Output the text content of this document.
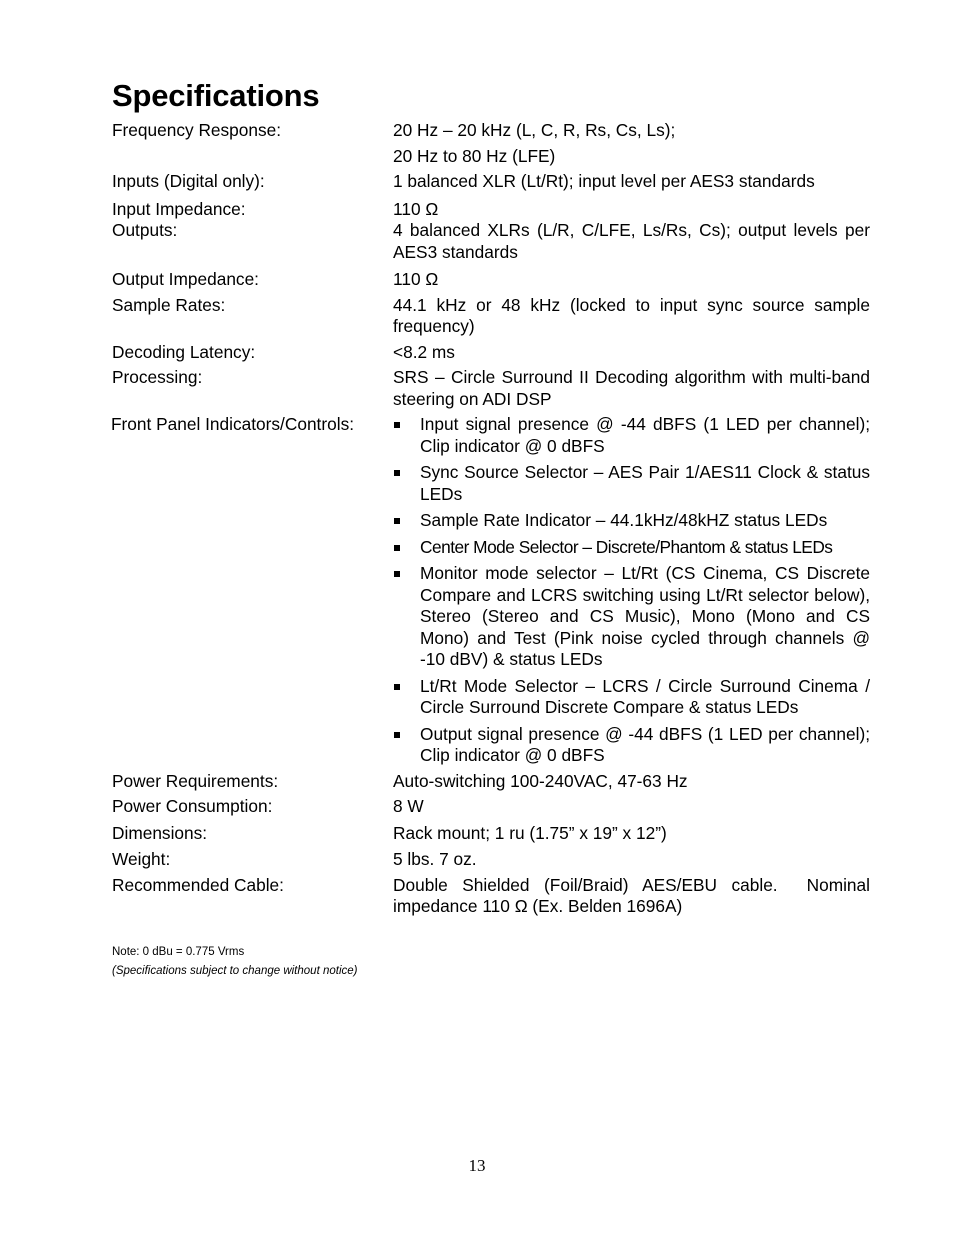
Specifications
Frequency Response:	20 Hz – 20 kHz (L, C, R, Rs, Cs, Ls);

20 Hz to 80 Hz (LFE)

Inputs (Digital only):	1 balanced XLR (Lt/Rt); input level per AES3 standards
Input Impedance:	110 Ω
Outputs:	4 balanced XLRs (L/R, C/LFE, Ls/Rs, Cs); output levels per AES3 standards
Output Impedance:	110 Ω
Sample Rates:	44.1 kHz or 48 kHz (locked to input sync source sample frequency)
Decoding Latency:	<8.2 ms
Processing:	SRS – Circle Surround II Decoding algorithm with multi-band steering on ADI DSP
Front Panel Indicators/Controls:	Input signal presence @ -44 dBFS (1 LED per channel); Clip indicator @ 0 dBFS
Sync Source Selector – AES Pair 1/AES11 Clock & status LEDs
Sample Rate Indicator – 44.1kHz/48kHZ status LEDs
Center Mode Selector – Discrete/Phantom & status LEDs
Monitor mode selector – Lt/Rt (CS Cinema, CS Discrete Compare and LCRS switching using Lt/Rt selector below), Stereo (Stereo and CS Music), Mono (Mono and CS Mono) and Test (Pink noise cycled through channels @ -10 dBV) & status LEDs
Lt/Rt Mode Selector – LCRS / Circle Surround Cinema / Circle Surround Discrete Compare & status LEDs
Output signal presence @ -44 dBFS (1 LED per channel); Clip indicator @ 0 dBFS
Power Requirements:	Auto-switching 100-240VAC, 47-63 Hz
Power Consumption:	8 W
Dimensions:	Rack mount; 1 ru (1.75” x 19” x 12”)
Weight:	5 lbs. 7 oz.
Recommended Cable:	Double Shielded (Foil/Braid) AES/EBU cable.  Nominal impedance 110 Ω (Ex. Belden 1696A)
Note: 0 dBu = 0.775 Vrms
(Specifications subject to change without notice)
13
